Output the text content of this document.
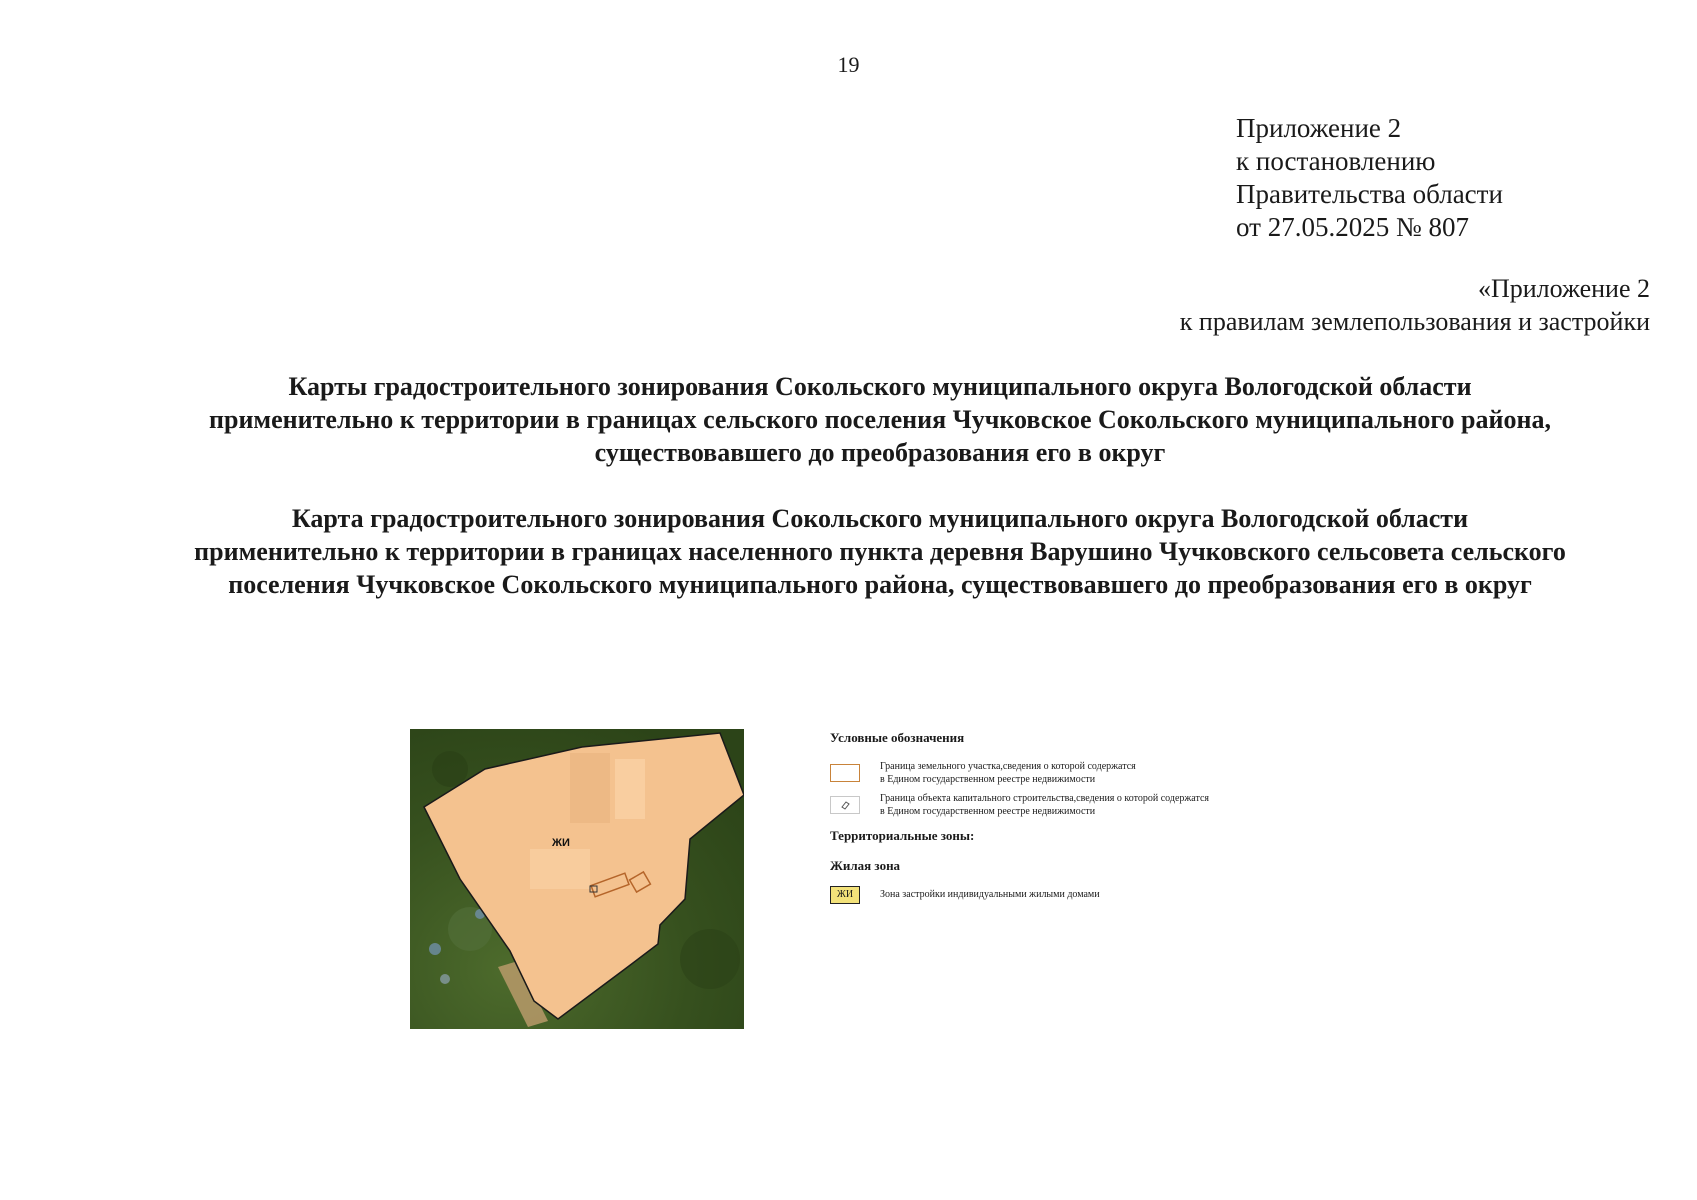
19
Приложение 2
к постановлению
Правительства области
от 27.05.2025 № 807
«Приложение 2
к правилам землепользования и застройки
Карты градостроительного зонирования Сокольского муниципального округа Вологодской области
применительно к территории в границах сельского поселения Чучковское Сокольского муниципального района,
существовавшего до преобразования его в округ
Карта градостроительного зонирования Сокольского муниципального округа Вологодской области
применительно к территории в границах населенного пункта деревня Варушино Чучковского сельсовета сельского
поселения Чучковское Сокольского муниципального района, существовавшего до преобразования его в округ
ЖИ
Условные обозначения
Граница земельного участка,сведения о которой содержатся
в Едином государственном реестре недвижимости
Граница объекта капитального строительства,сведения о которой содержатся
в Едином государственном реестре недвижимости
Территориальные зоны:
Жилая зона
ЖИ	Зона застройки индивидуальными жилыми домами
